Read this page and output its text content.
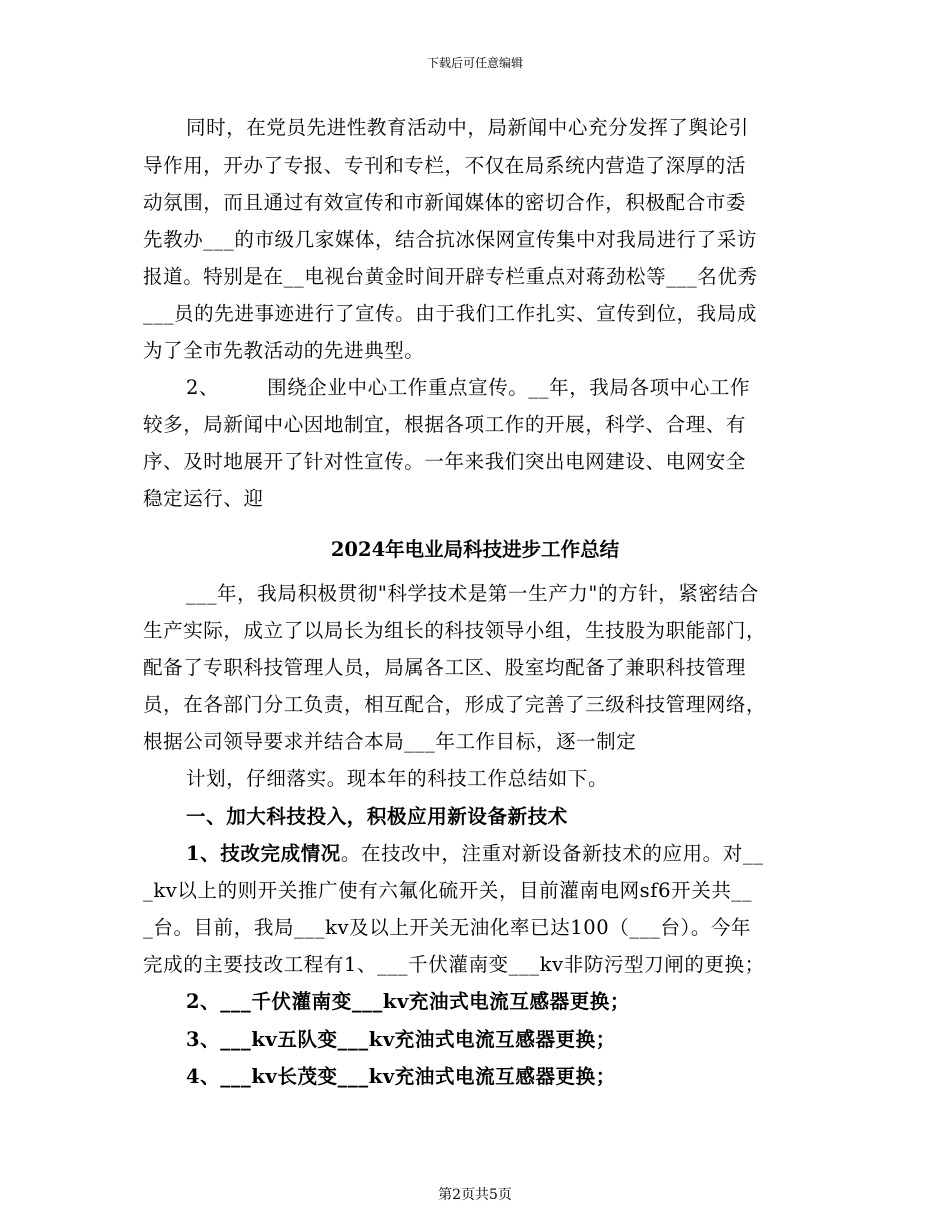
下载后可任意编辑
同时，在党员先进性教育活动中，局新闻中心充分发挥了舆论引
导作用，开办了专报、专刊和专栏，不仅在局系统内营造了深厚的活
动氛围，而且通过有效宣传和市新闻媒体的密切合作，积极配合市委
先教办___的市级几家媒体，结合抗冰保网宣传集中对我局进行了采访
报道。特别是在__电视台黄金时间开辟专栏重点对蒋劲松等___名优秀
___员的先进事迹进行了宣传。由于我们工作扎实、宣传到位，我局成
为了全市先教活动的先进典型。
2、 围绕企业中心工作重点宣传。__年，我局各项中心工作
较多，局新闻中心因地制宜，根据各项工作的开展，科学、合理、有
序、及时地展开了针对性宣传。一年来我们突出电网建设、电网安全
稳定运行、迎
2024年电业局科技进步工作总结
___年，我局积极贯彻"科学技术是第一生产力"的方针，紧密结合
生产实际，成立了以局长为组长的科技领导小组，生技股为职能部门，
配备了专职科技管理人员，局属各工区、股室均配备了兼职科技管理
员，在各部门分工负责，相互配合，形成了完善了三级科技管理网络，
根据公司领导要求并结合本局___年工作目标，逐一制定
计划，仔细落实。现本年的科技工作总结如下。
一、加大科技投入，积极应用新设备新技术
1、技改完成情况。在技改中，注重对新设备新技术的应用。对__
_kv以上的则开关推广使有六氟化硫开关，目前灌南电网sf6开关共__
_台。目前，我局___kv及以上开关无油化率已达100（___台）。今年
完成的主要技改工程有1、___千伏灌南变___kv非防污型刀闸的更换；
2、___千伏灌南变___kv充油式电流互感器更换；
3、___kv五队变___kv充油式电流互感器更换；
4、___kv长茂变___kv充油式电流互感器更换；
第2页共5页
